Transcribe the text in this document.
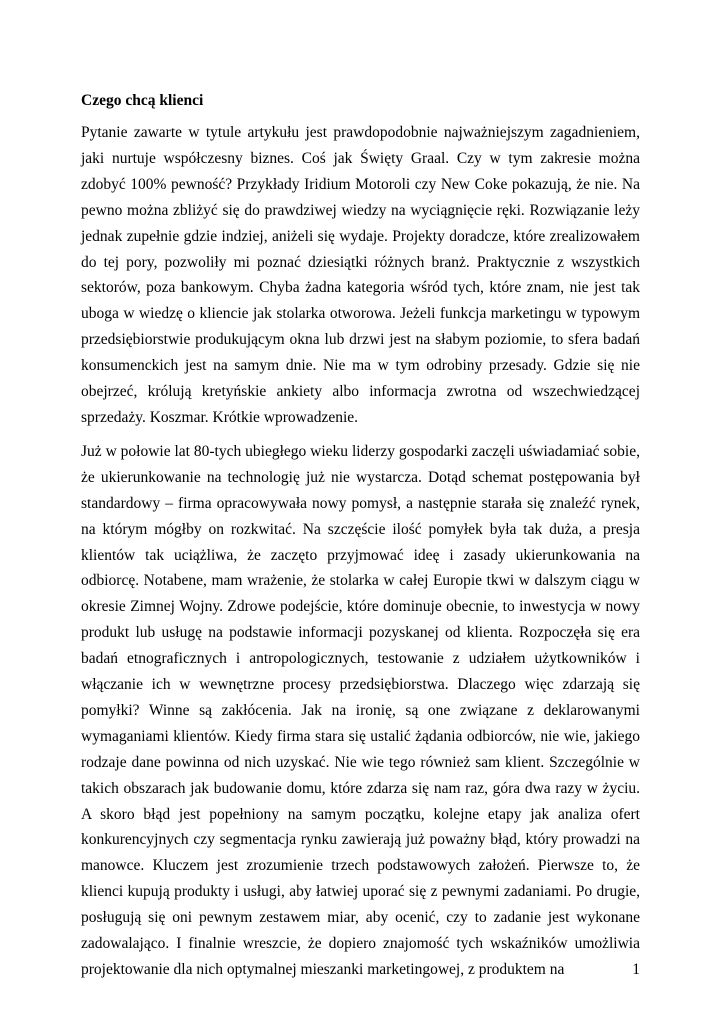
Czego chcą klienci

Pytanie zawarte w tytule artykułu jest prawdopodobnie najważniejszym zagadnieniem, jaki nurtuje współczesny biznes. Coś jak Święty Graal. Czy w tym zakresie można zdobyć 100% pewność? Przykłady Iridium Motoroli czy New Coke pokazują, że nie. Na pewno można zbliżyć się do prawdziwej wiedzy na wyciągnięcie ręki. Rozwiązanie leży jednak zupełnie gdzie indziej, aniżeli się wydaje. Projekty doradcze, które zrealizowałem do tej pory, pozwoliły mi poznać dziesiątki różnych branż. Praktycznie z wszystkich sektorów, poza bankowym. Chyba żadna kategoria wśród tych, które znam, nie jest tak uboga w wiedzę o kliencie jak stolarka otworowa. Jeżeli funkcja marketingu w typowym przedsiębiorstwie produkującym okna lub drzwi jest na słabym poziomie, to sfera badań konsumenckich jest na samym dnie. Nie ma w tym odrobiny przesady. Gdzie się nie obejrzeć, królują kretyńskie ankiety albo informacja zwrotna od wszechwiedzącej sprzedaży. Koszmar. Krótkie wprowadzenie.

Już w połowie lat 80-tych ubiegłego wieku liderzy gospodarki zaczęli uświadamiać sobie, że ukierunkowanie na technologię już nie wystarcza. Dotąd schemat postępowania był standardowy – firma opracowywała nowy pomysł, a następnie starała się znaleźć rynek, na którym mógłby on rozkwitać. Na szczęście ilość pomyłek była tak duża, a presja klientów tak uciążliwa, że zaczęto przyjmować ideę i zasady ukierunkowania na odbiorcę. Notabene, mam wrażenie, że stolarka w całej Europie tkwi w dalszym ciągu w okresie Zimnej Wojny. Zdrowe podejście, które dominuje obecnie, to inwestycja w nowy produkt lub usługę na podstawie informacji pozyskanej od klienta. Rozpoczęła się era badań etnograficznych i antropologicznych, testowanie z udziałem użytkowników i włączanie ich w wewnętrzne procesy przedsiębiorstwa. Dlaczego więc zdarzają się pomyłki? Winne są zakłócenia. Jak na ironię, są one związane z deklarowanymi wymaganiami klientów. Kiedy firma stara się ustalić żądania odbiorców, nie wie, jakiego rodzaje dane powinna od nich uzyskać. Nie wie tego również sam klient. Szczególnie w takich obszarach jak budowanie domu, które zdarza się nam raz, góra dwa razy w życiu. A skoro błąd jest popełniony na samym początku, kolejne etapy jak analiza ofert konkurencyjnych czy segmentacja rynku zawierają już poważny błąd, który prowadzi na manowce. Kluczem jest zrozumienie trzech podstawowych założeń. Pierwsze to, że klienci kupują produkty i usługi, aby łatwiej uporać się z pewnymi zadaniami. Po drugie, posługują się oni pewnym zestawem miar, aby ocenić, czy to zadanie jest wykonane zadowalająco. I finalnie wreszcie, że dopiero znajomość tych wskaźników umożliwia projektowanie dla nich optymalnej mieszanki marketingowej, z produktem na	1
